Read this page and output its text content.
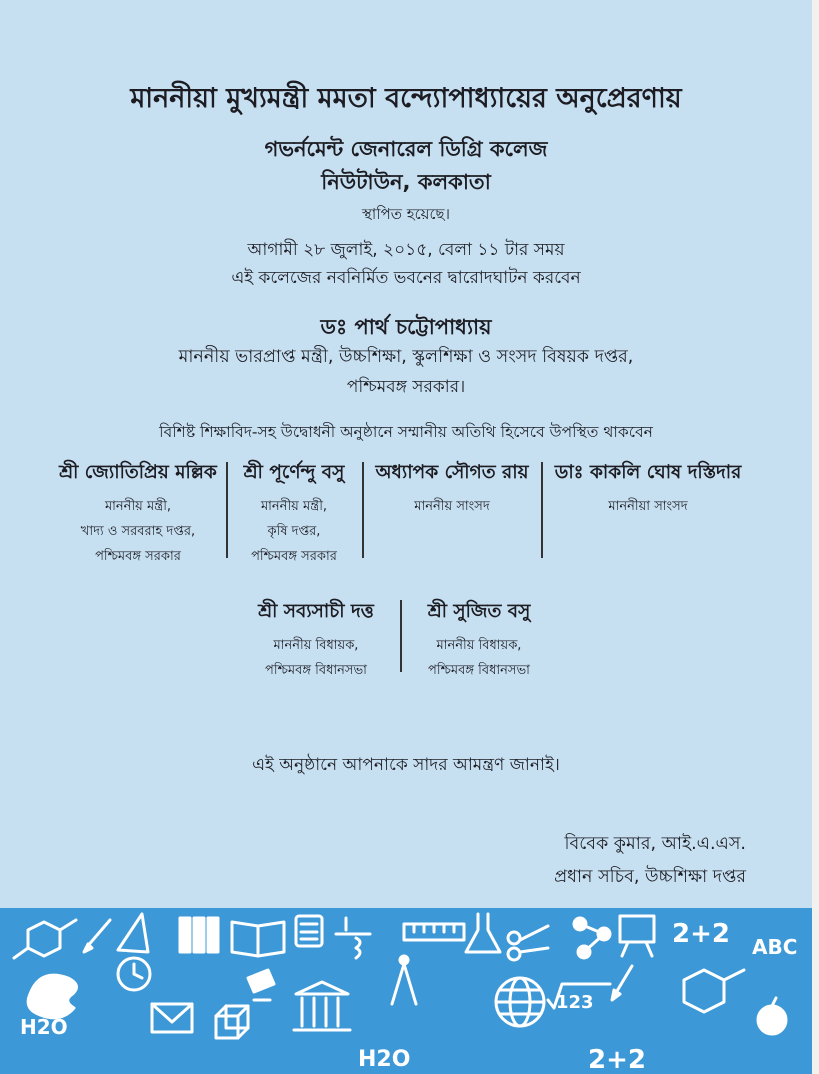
মাননীয়া মুখ্যমন্ত্রী মমতা বন্দ্যোপাধ্যায়ের অনুপ্রেরণায়
গভর্নমেন্ট জেনারেল ডিগ্রি কলেজ
নিউটাউন, কলকাতা
স্থাপিত হয়েছে।
আগামী ২৮ জুলাই, ২০১৫, বেলা ১১ টার সময়
এই কলেজের নবনির্মিত ভবনের দ্বারোদঘাটন করবেন
ডঃ পার্থ চট্টোপাধ্যায়
মাননীয় ভারপ্রাপ্ত মন্ত্রী, উচ্চশিক্ষা, স্কুলশিক্ষা ও সংসদ বিষয়ক দপ্তর,
পশ্চিমবঙ্গ সরকার।
বিশিষ্ট শিক্ষাবিদ-সহ উদ্বোধনী অনুষ্ঠানে সম্মানীয় অতিথি হিসেবে উপস্থিত থাকবেন
শ্রী জ্যোতিপ্রিয় মল্লিক
মাননীয় মন্ত্রী,
খাদ্য ও সরবরাহ দপ্তর,
পশ্চিমবঙ্গ সরকার
শ্রী পূর্ণেন্দু বসু
মাননীয় মন্ত্রী,
কৃষি দপ্তর,
পশ্চিমবঙ্গ সরকার
অধ্যাপক সৌগত রায়
মাননীয় সাংসদ
ডাঃ কাকলি ঘোষ দস্তিদার
মাননীয়া সাংসদ
শ্রী সব্যসাচী দত্ত
মাননীয় বিধায়ক,
পশ্চিমবঙ্গ বিধানসভা
শ্রী সুজিত বসু
মাননীয় বিধায়ক,
পশ্চিমবঙ্গ বিধানসভা
এই অনুষ্ঠানে আপনাকে সাদর আমন্ত্রণ জানাই।
বিবেক কুমার, আই.এ.এস.
প্রধান সচিব, উচ্চশিক্ষা দপ্তর
2+2
2+2
H2O
H2O
ABC
123
